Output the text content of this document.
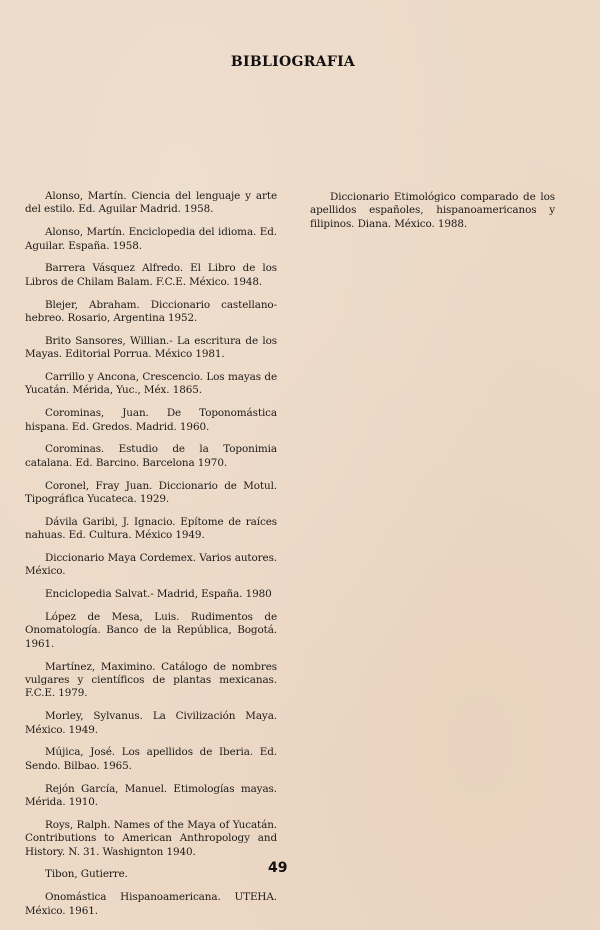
BIBLIOGRAFIA

Alonso, Martín. Ciencia del lenguaje y arte del estilo. Ed. Aguilar Madrid. 1958.

Alonso, Martín. Enciclopedia del idioma. Ed. Aguilar. España. 1958.

Barrera Vásquez Alfredo. El Libro de los Libros de Chilam Balam. F.C.E. México. 1948.

Blejer, Abraham. Diccionario castellano-hebreo. Rosario, Argentina 1952.

Brito Sansores, Willian.- La escritura de los Mayas. Editorial Porrua. México 1981.

Carrillo y Ancona, Crescencio. Los mayas de Yucatán. Mérida, Yuc., Méx. 1865.

Corominas, Juan. De Toponomástica hispana. Ed. Gredos. Madrid. 1960.

Corominas. Estudio de la Toponimia catalana. Ed. Barcino. Barcelona 1970.

Coronel, Fray Juan. Diccionario de Motul. Tipográfica Yucateca. 1929.

Dávila Garibi, J. Ignacio. Epítome de raíces nahuas. Ed. Cultura. México 1949.

Diccionario Maya Cordemex. Varios autores. México.

Enciclopedia Salvat.- Madrid, España. 1980

López de Mesa, Luis. Rudimentos de Onomatología. Banco de la República, Bogotá. 1961.

Martínez, Maximino. Catálogo de nombres vulgares y científicos de plantas mexicanas. F.C.E. 1979.

Morley, Sylvanus. La Civilización Maya. México. 1949.

Mújica, José. Los apellidos de Iberia. Ed. Sendo. Bilbao. 1965.

Rejón García, Manuel. Etimologías mayas. Mérida. 1910.

Roys, Ralph. Names of the Maya of Yucatán. Contributions to American Anthropology and History. N. 31. Washignton 1940.

Tibon, Gutierre.

Onomástica Hispanoamericana. UTEHA. México. 1961.

Diccionario Etimológico comparado de los apellidos españoles, hispanoamericanos y filipinos. Diana. México. 1988.

49
